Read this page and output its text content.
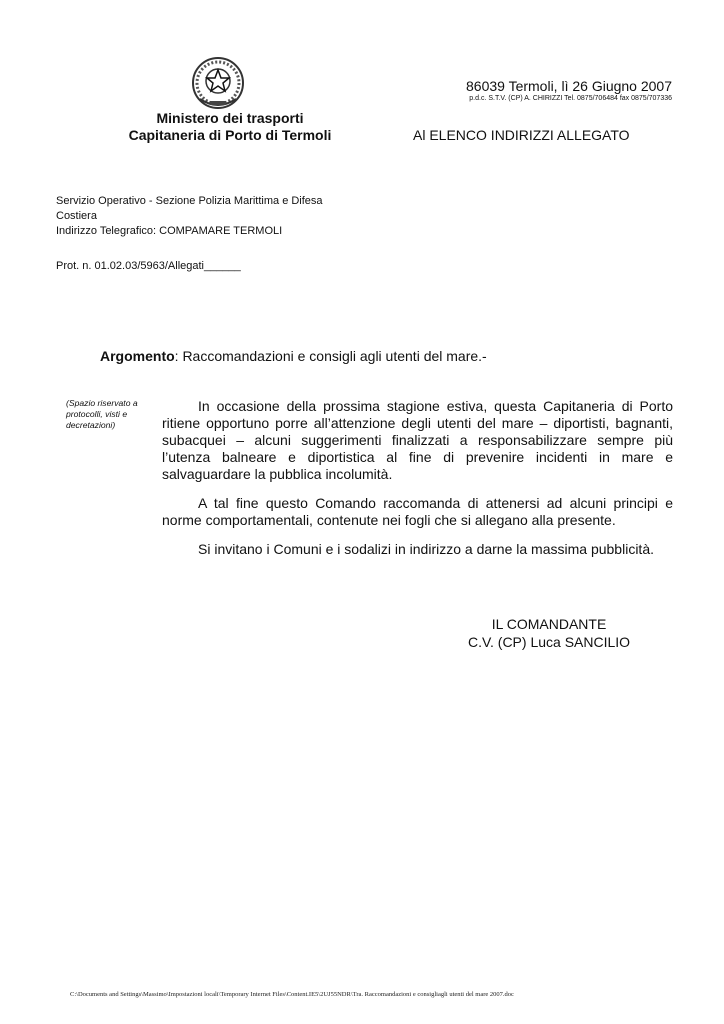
Ministero dei trasporti
Capitaneria di Porto di Termoli
86039 Termoli, lì 26 Giugno 2007
p.d.c. S.T.V. (CP) A. CHIRIZZI Tel. 0875/706484 fax 0875/707336
Al ELENCO INDIRIZZI ALLEGATO
Servizio Operativo - Sezione Polizia Marittima e Difesa
Costiera
Indirizzo Telegrafico: COMPAMARE TERMOLI
Prot. n. 01.02.03/5963/Allegati______
Argomento: Raccomandazioni e consigli agli utenti del mare.-
(Spazio riservato a protocolli, visti e decretazioni)

In occasione della prossima stagione estiva, questa Capitaneria di Porto ritiene opportuno porre all’attenzione degli utenti del mare – diportisti, bagnanti, subacquei – alcuni suggerimenti finalizzati a responsabilizzare sempre più l’utenza balneare e diportistica al fine di prevenire incidenti in mare e salvaguardare la pubblica incolumità.

A tal fine questo Comando raccomanda di attenersi ad alcuni principi e norme comportamentali, contenute nei fogli che si allegano alla presente.

Si invitano i Comuni e i sodalizi in indirizzo a darne la massima pubblicità.

IL COMANDANTE
C.V. (CP) Luca SANCILIO
C:\Documents and Settings\Massimo\Impostazioni locali\Temporary Internet Files\Content.IE5\2UJ55NDR\Tra. Raccomandazioni e consigliagli utenti del mare 2007.doc
